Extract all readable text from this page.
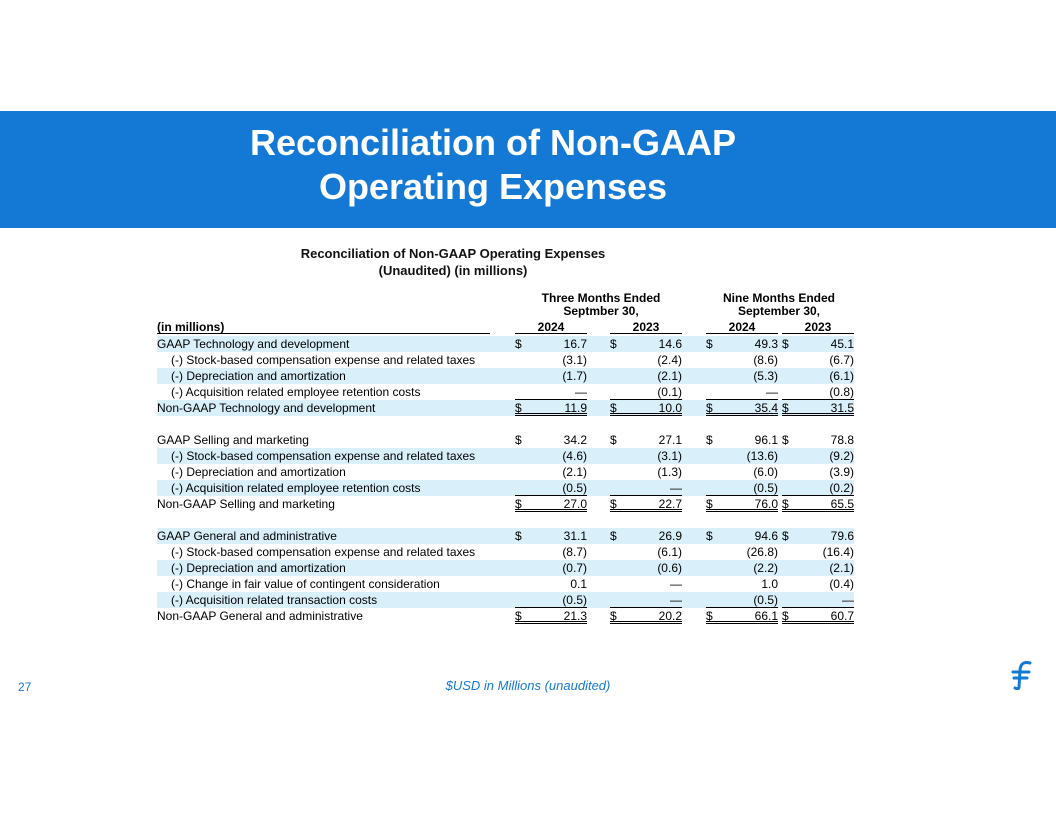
Reconciliation of Non-GAAP
Operating Expenses

Reconciliation of Non-GAAP Operating Expenses

(Unaudited) (in millions)

Three Months Ended
Septmber 30,
Nine Months Ended
September 30,
(in millions)	2024	2023	2024	2023
GAAP Technology and development	$	16.7 $	14.6 $	49.3 $	45.1
(-) Stock-based compensation expense and related taxes	(3.1)	(2.4)	(8.6)	(6.7)
(-) Depreciation and amortization	(1.7)	(2.1)	(5.3)	(6.1)
(-) Acquisition related employee retention costs	—	(0.1)	—	(0.8)
Non-GAAP Technology and development	$	11.9 $	10.0 $	35.4 $	31.5
GAAP Selling and marketing	$	34.2 $	27.1 $	96.1 $	78.8
(-) Stock-based compensation expense and related taxes	(4.6)	(3.1)	(13.6)	(9.2)
(-) Depreciation and amortization	(2.1)	(1.3)	(6.0)	(3.9)
(-) Acquisition related employee retention costs	(0.5)	—	(0.5)	(0.2)
Non-GAAP Selling and marketing	$	27.0 $	22.7 $	76.0 $	65.5
GAAP General and administrative	$	31.1 $	26.9 $	94.6 $	79.6
(-) Stock-based compensation expense and related taxes	(8.7)	(6.1)	(26.8)	(16.4)
(-) Depreciation and amortization	(0.7)	(0.6)	(2.2)	(2.1)
(-) Change in fair value of contingent consideration	0.1	—	1.0	(0.4)
(-) Acquisition related transaction costs	(0.5)	—	(0.5)	—
Non-GAAP General and administrative	$	21.3 $	20.2 $	66.1 $	60.7
27	$USD in Millions (unaudited)
